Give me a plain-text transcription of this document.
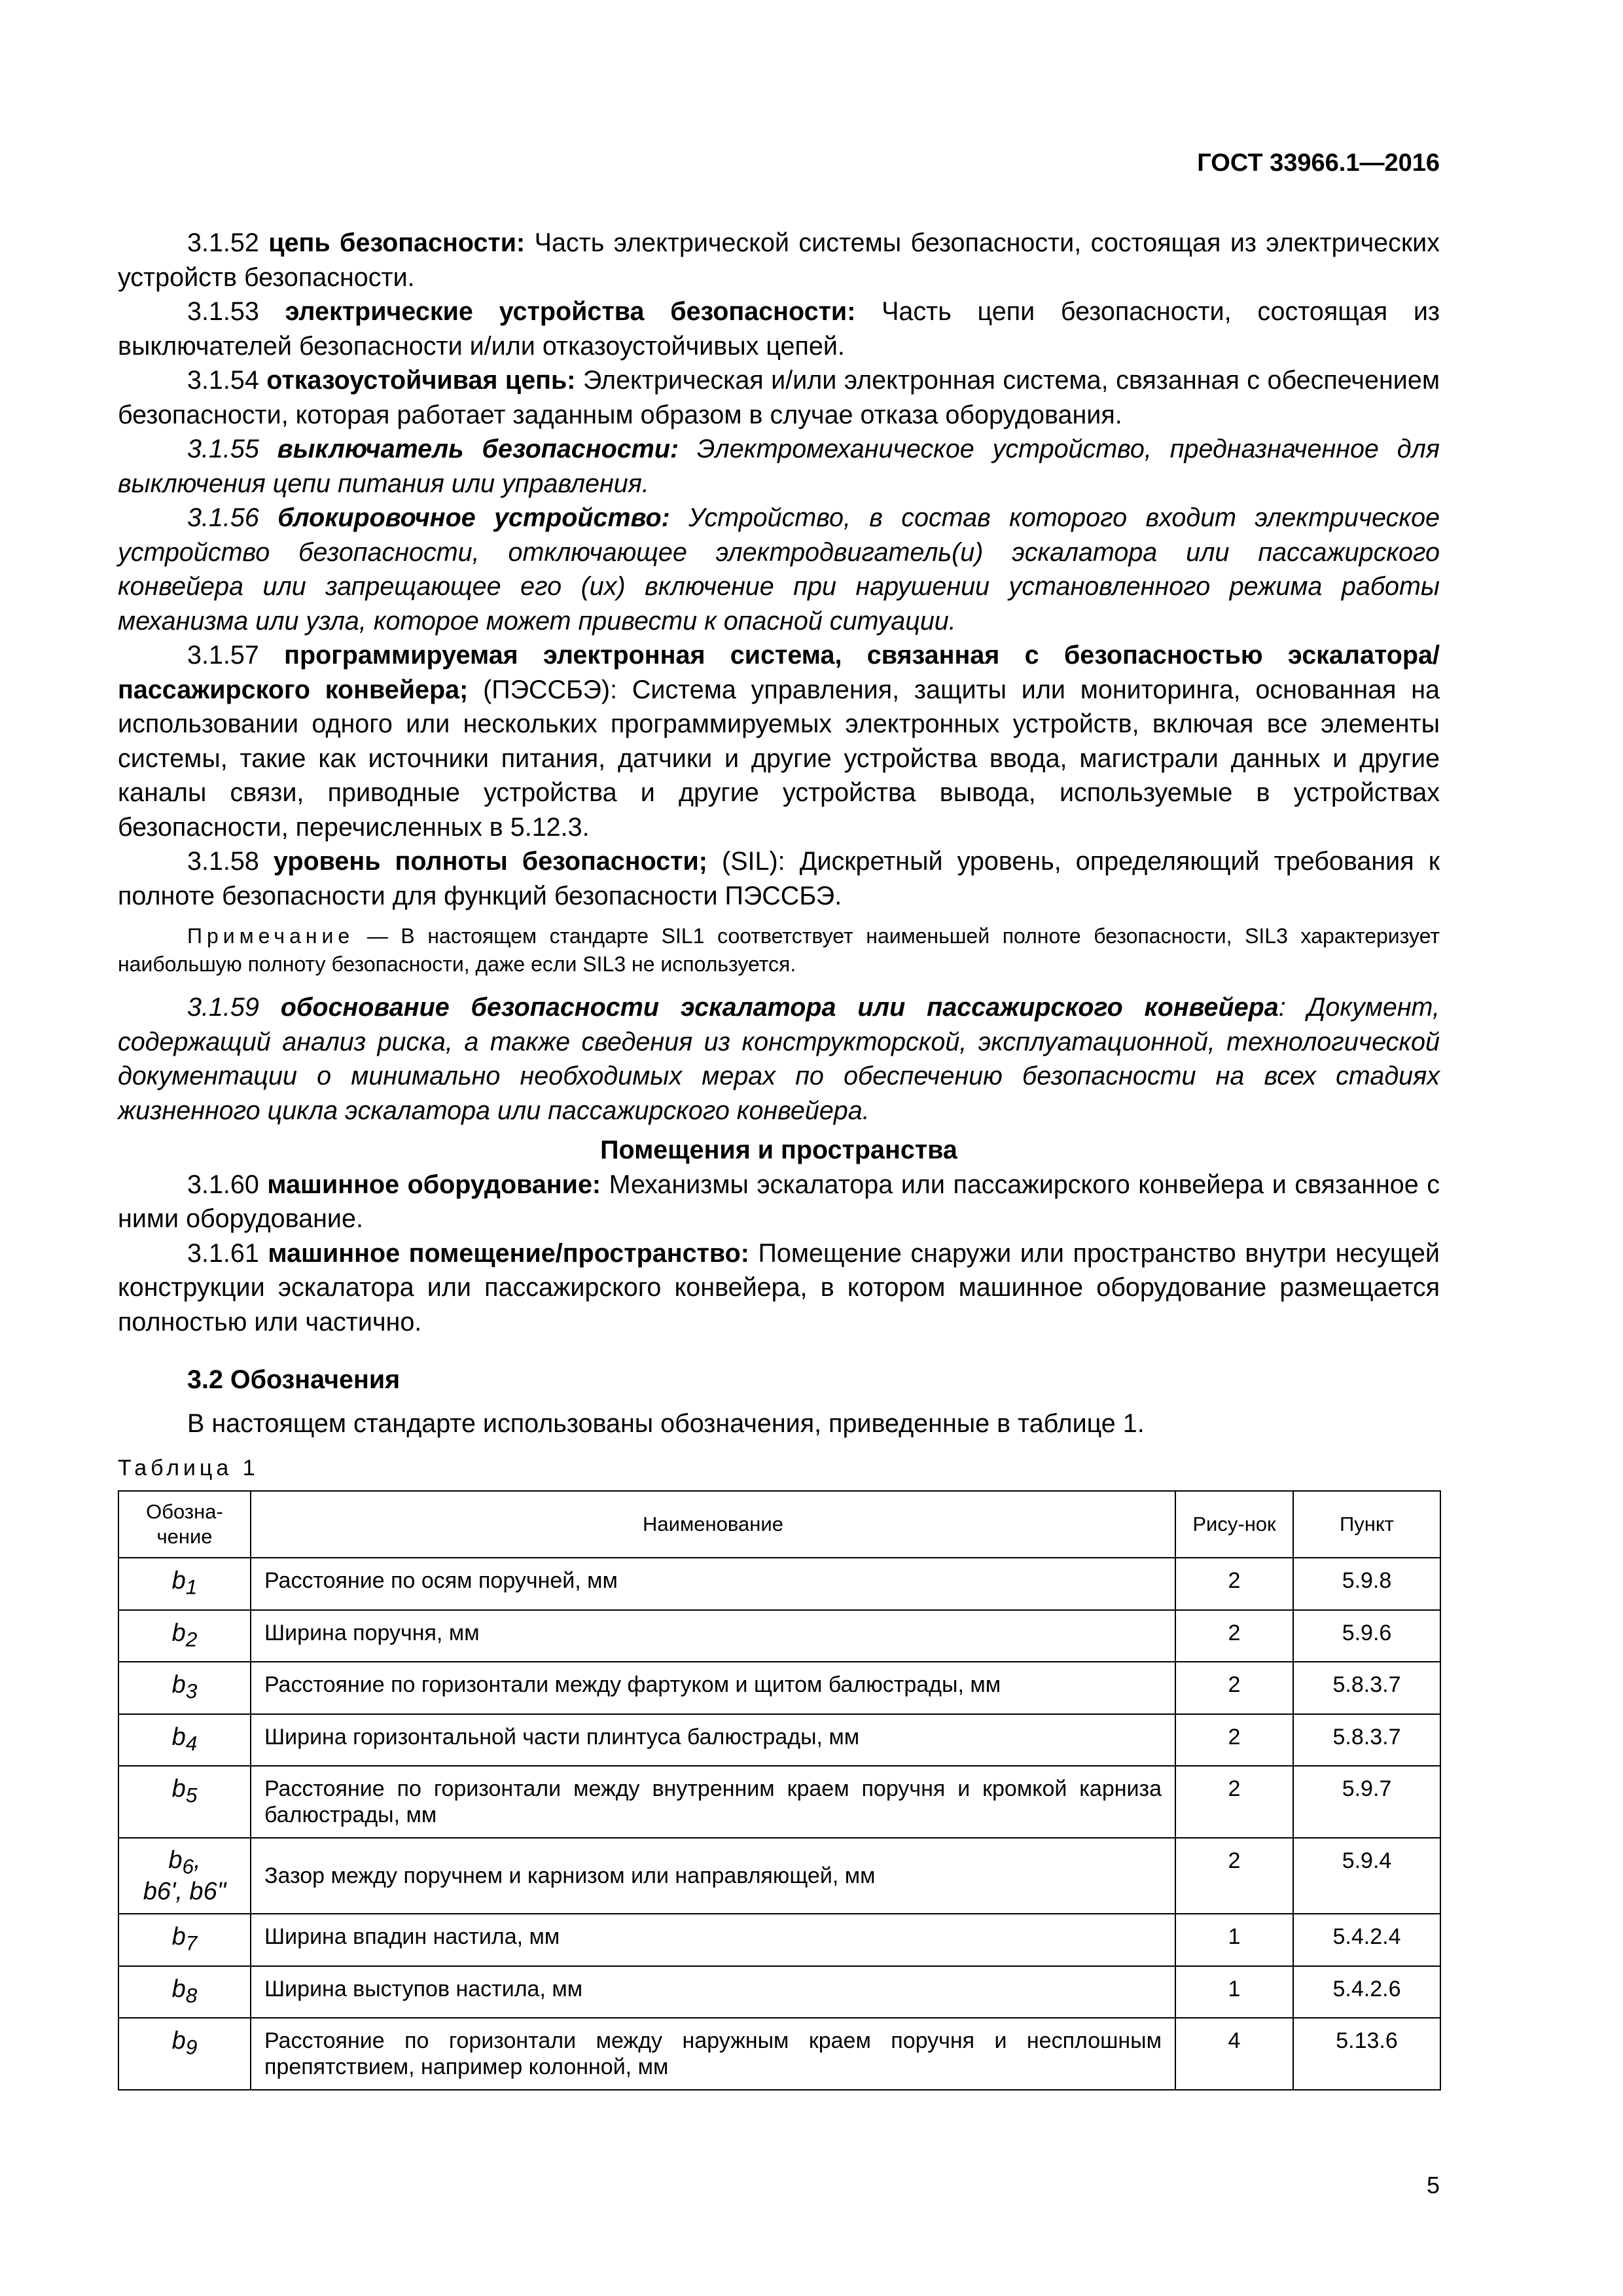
ГОСТ 33966.1—2016

3.1.52 цепь безопасности: Часть электрической системы безопасности, состоящая из электрических устройств безопасности.

3.1.53 электрические устройства безопасности: Часть цепи безопасности, состоящая из выключателей безопасности и/или отказоустойчивых цепей.

3.1.54 отказоустойчивая цепь: Электрическая и/или электронная система, связанная с обеспечением безопасности, которая работает заданным образом в случае отказа оборудования.

3.1.55 выключатель безопасности: Электромеханическое устройство, предназначенное для выключения цепи питания или управления.

3.1.56 блокировочное устройство: Устройство, в состав которого входит электрическое устройство безопасности, отключающее электродвигатель(и) эскалатора или пассажирского конвейера или запрещающее его (их) включение при нарушении установленного режима работы механизма или узла, которое может привести к опасной ситуации.

3.1.57 программируемая электронная система, связанная с безопасностью эскалатора/пассажирского конвейера; (ПЭССБЭ): Система управления, защиты или мониторинга, основанная на использовании одного или нескольких программируемых электронных устройств, включая все элементы системы, такие как источники питания, датчики и другие устройства ввода, магистрали данных и другие каналы связи, приводные устройства и другие устройства вывода, используемые в устройствах безопасности, перечисленных в 5.12.3.

3.1.58 уровень полноты безопасности; (SIL): Дискретный уровень, определяющий требования к полноте безопасности для функций безопасности ПЭССБЭ.

Примечание — В настоящем стандарте SIL1 соответствует наименьшей полноте безопасности, SIL3 характеризует наибольшую полноту безопасности, даже если SIL3 не используется.

3.1.59 обоснование безопасности эскалатора или пассажирского конвейера: Документ, содержащий анализ риска, а также сведения из конструкторской, эксплуатационной, технологической документации о минимально необходимых мерах по обеспечению безопасности на всех стадиях жизненного цикла эскалатора или пассажирского конвейера.

Помещения и пространства

3.1.60 машинное оборудование: Механизмы эскалатора или пассажирского конвейера и связанное с ними оборудование.

3.1.61 машинное помещение/пространство: Помещение снаружи или пространство внутри несущей конструкции эскалатора или пассажирского конвейера, в котором машинное оборудование размещается полностью или частично.

3.2 Обозначения

В настоящем стандарте использованы обозначения, приведенные в таблице 1.

Таблица 1
Обозна-чение	Наименование	Рису-нок	Пункт
$b_1$	Расстояние по осям поручней, мм	2	5.9.8
$b_2$	Ширина поручня, мм	2	5.9.6
$b_3$	Расстояние по горизонтали между фартуком и щитом балюстрады, мм	2	5.8.3.7
$b_4$	Ширина горизонтальной части плинтуса балюстрады, мм	2	5.8.3.7
$b_5$	Расстояние по горизонтали между внутренним краем поручня и кромкой карниза балюстрады, мм	2	5.9.7
$b_6$,
b6', b6"	Зазор между поручнем и карнизом или направляющей, мм	2	5.9.4
$b_7$	Ширина впадин настила, мм	1	5.4.2.4
$b_8$	Ширина выступов настила, мм	1	5.4.2.6
$b_9$	Расстояние по горизонтали между наружным краем поручня и несплошным препятствием, например колонной, мм	4	5.13.6
5
